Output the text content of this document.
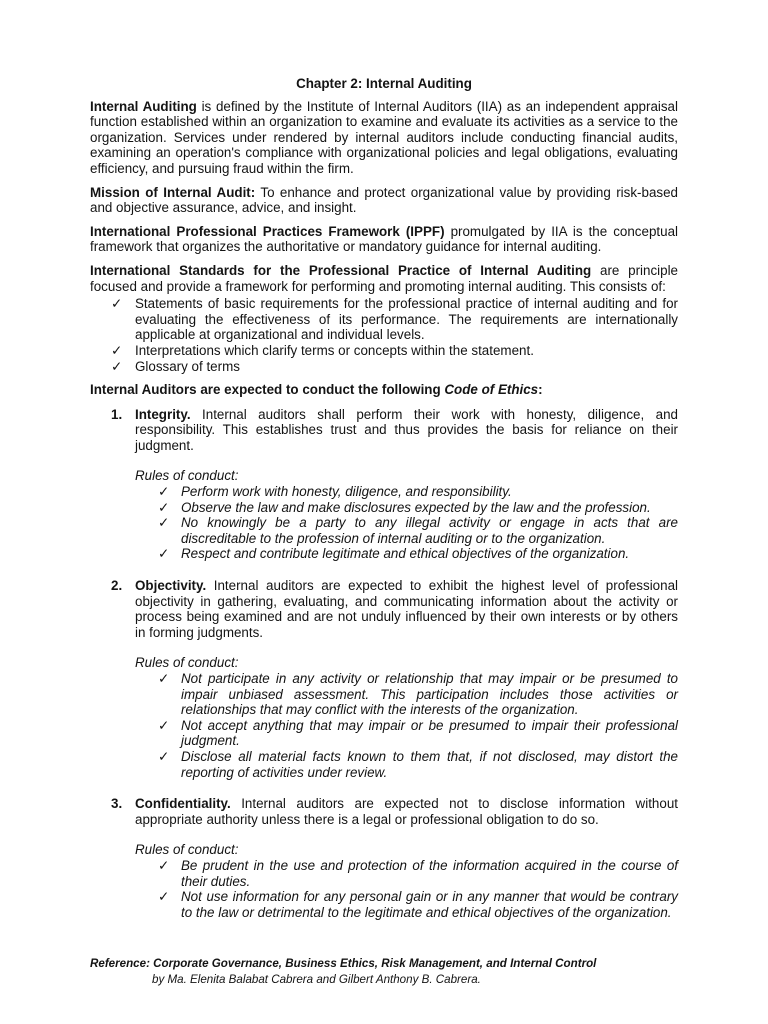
Chapter 2: Internal Auditing

Internal Auditing is defined by the Institute of Internal Auditors (IIA) as an independent appraisal function established within an organization to examine and evaluate its activities as a service to the organization. Services under rendered by internal auditors include conducting financial audits, examining an operation's compliance with organizational policies and legal obligations, evaluating efficiency, and pursuing fraud within the firm.

Mission of Internal Audit: To enhance and protect organizational value by providing risk-based and objective assurance, advice, and insight.

International Professional Practices Framework (IPPF) promulgated by IIA is the conceptual framework that organizes the authoritative or mandatory guidance for internal auditing.

International Standards for the Professional Practice of Internal Auditing are principle focused and provide a framework for performing and promoting internal auditing. This consists of:

✓ Statements of basic requirements for the professional practice of internal auditing and for evaluating the effectiveness of its performance. The requirements are internationally applicable at organizational and individual levels.
✓ Interpretations which clarify terms or concepts within the statement.
✓ Glossary of terms
Internal Auditors are expected to conduct the following Code of Ethics:
1. Integrity. Internal auditors shall perform their work with honesty, diligence, and responsibility. This establishes trust and thus provides the basis for reliance on their judgment.

Rules of conduct:
✓ Perform work with honesty, diligence, and responsibility.
✓ Observe the law and make disclosures expected by the law and the profession.
✓ No knowingly be a party to any illegal activity or engage in acts that are discreditable to the profession of internal auditing or to the organization.
✓ Respect and contribute legitimate and ethical objectives of the organization.
2. Objectivity. Internal auditors are expected to exhibit the highest level of professional objectivity in gathering, evaluating, and communicating information about the activity or process being examined and are not unduly influenced by their own interests or by others in forming judgments.

Rules of conduct:
✓ Not participate in any activity or relationship that may impair or be presumed to impair unbiased assessment. This participation includes those activities or relationships that may conflict with the interests of the organization.
✓ Not accept anything that may impair or be presumed to impair their professional judgment.
✓ Disclose all material facts known to them that, if not disclosed, may distort the reporting of activities under review.
3. Confidentiality. Internal auditors are expected not to disclose information without appropriate authority unless there is a legal or professional obligation to do so.

Rules of conduct:
✓ Be prudent in the use and protection of the information acquired in the course of their duties.
✓ Not use information for any personal gain or in any manner that would be contrary to the law or detrimental to the legitimate and ethical objectives of the organization.
Reference: Corporate Governance, Business Ethics, Risk Management, and Internal Control
by Ma. Elenita Balabat Cabrera and Gilbert Anthony B. Cabrera.
